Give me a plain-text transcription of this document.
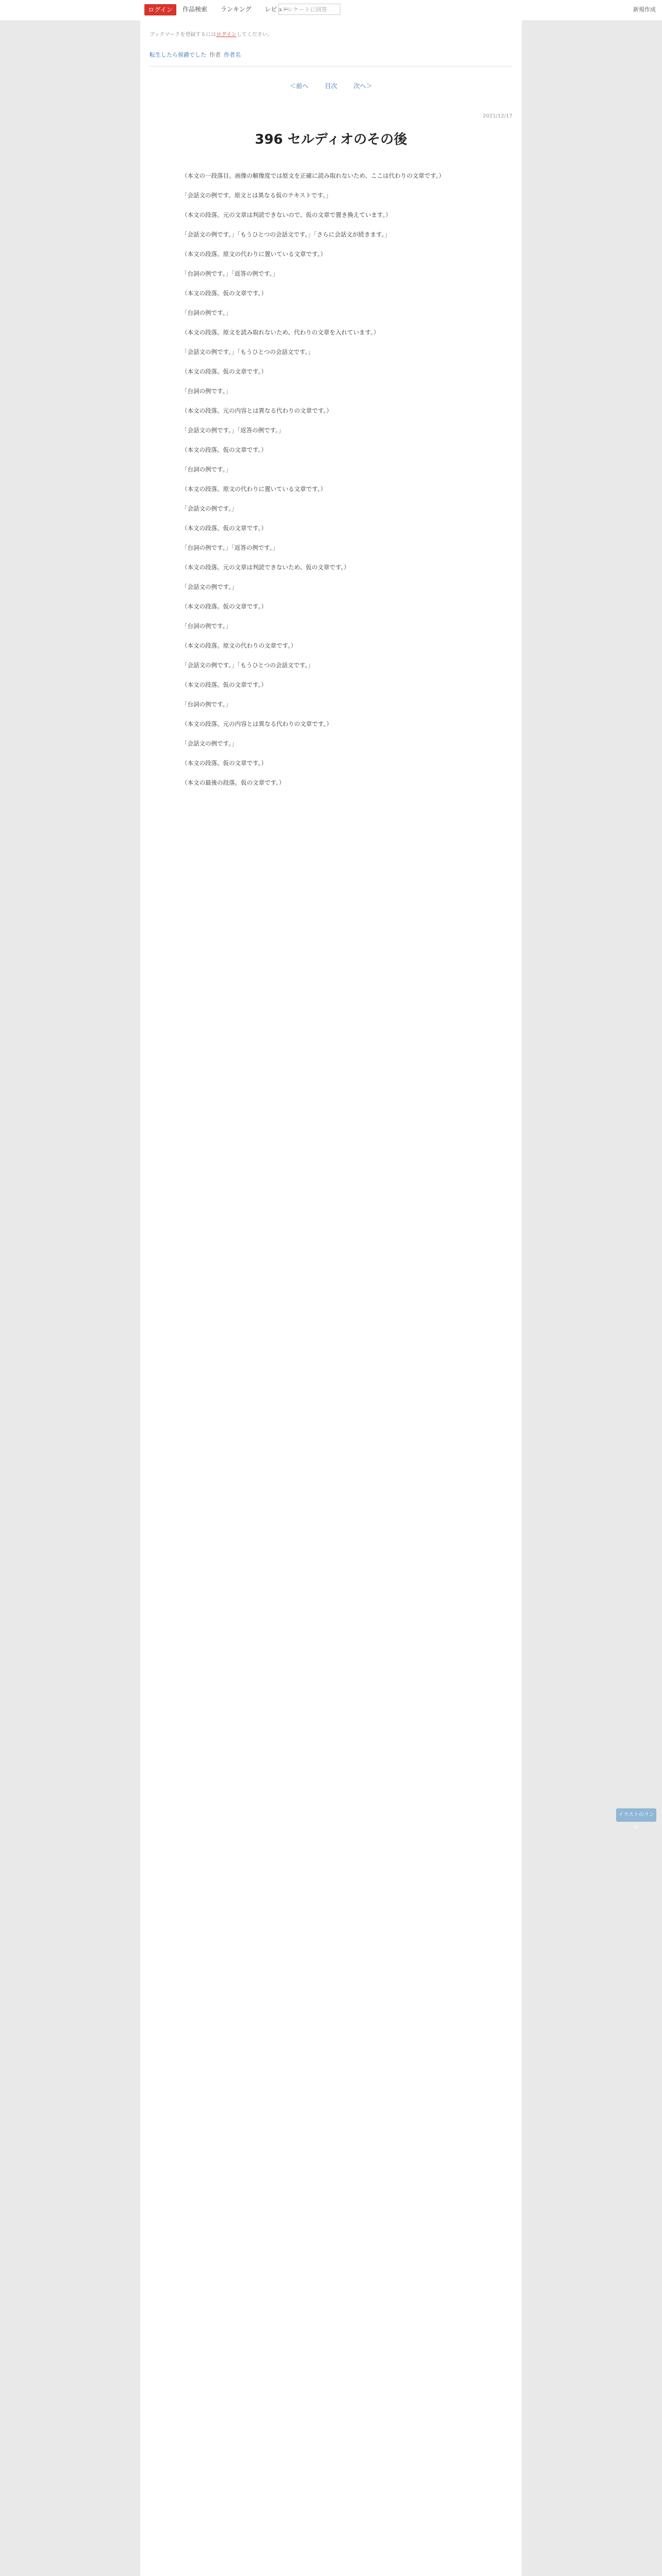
ログイン	作品検索 ランキング レビュー
アンケートに回答	新規作成
ブックマークを登録するにはログインしてください。
転生したら侯爵でした 作者 作者名
＜前へ	目次	次へ＞
2021/12/17
396 セルディオのその後

（本文の一段落目。画像の解像度では原文を正確に読み取れないため、ここは代わりの文章です。）

「会話文の例です。原文とは異なる仮のテキストです。」

（本文の段落。元の文章は判読できないので、仮の文章で置き換えています。）

「会話文の例です。」「もうひとつの会話文です。」「さらに会話文が続きます。」

（本文の段落。原文の代わりに置いている文章です。）

「台詞の例です。」「返答の例です。」

（本文の段落。仮の文章です。）

「台詞の例です。」

（本文の段落。原文を読み取れないため、代わりの文章を入れています。）

「会話文の例です。」「もうひとつの会話文です。」

（本文の段落。仮の文章です。）

「台詞の例です。」

（本文の段落。元の内容とは異なる代わりの文章です。）

「会話文の例です。」「返答の例です。」

（本文の段落。仮の文章です。）

「台詞の例です。」

（本文の段落。原文の代わりに置いている文章です。）

「会話文の例です。」

（本文の段落。仮の文章です。）

「台詞の例です。」「返答の例です。」

（本文の段落。元の文章は判読できないため、仮の文章です。）

「会話文の例です。」

（本文の段落。仮の文章です。）

「台詞の例です。」

（本文の段落。原文の代わりの文章です。）

「会話文の例です。」「もうひとつの会話文です。」

（本文の段落。仮の文章です。）

「台詞の例です。」

（本文の段落。元の内容とは異なる代わりの文章です。）

「会話文の例です。」

（本文の段落。仮の文章です。）

（本文の最後の段落。仮の文章です。）

イラストのリンク
